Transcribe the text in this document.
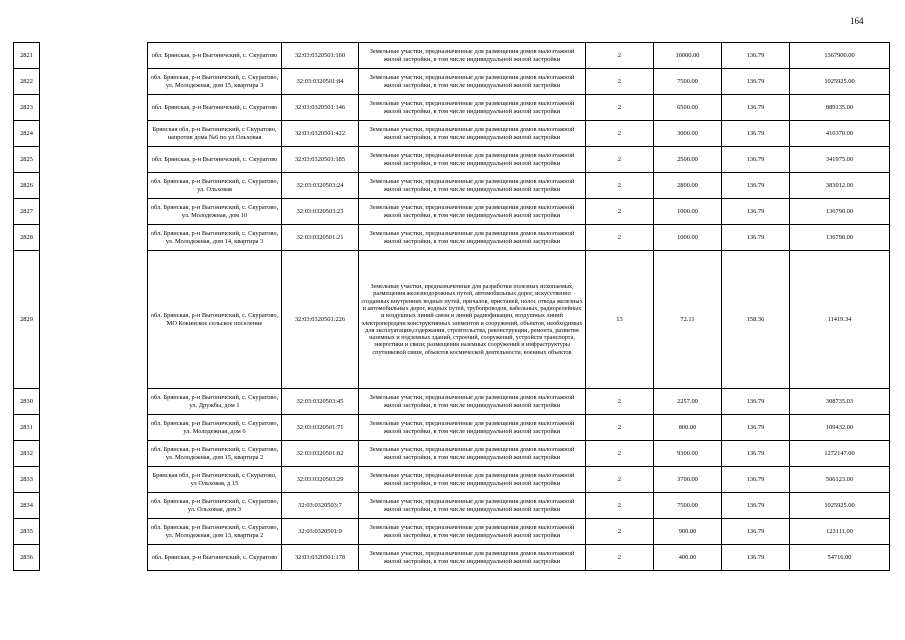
164
2821		обл. Брянская, р-н Выгоничский, с. Скуратово	32:03:0320501:160	Земельные участки, предназначенные для размещения домов малоэтажной жилой застройки, в том числе индивидуальной жилой застройки	2	10000.00	136.79	1367900.00
2822		обл. Брянская, р-н Выгоничский, с. Скуратово, ул. Молодежная, дом 15, квартира 3	32:03:0320501:84	Земельные участки, предназначенные для размещения домов малоэтажной жилой застройки, в том числе индивидуальной жилой застройки	2	7500.00	136.79	1025925.00
2823		обл. Брянская, р-н Выгоничский, с. Скуратово	32:03:0320501:146	Земельные участки, предназначенные для размещения домов малоэтажной жилой застройки, в том числе индивидуальной жилой застройки	2	6500.00	136.79	889135.00
2824		Брянская обл, р-н Выгоничский, с Скуратово, напротив дома №6 по ул Ольховая	32:03:0320501:422	Земельные участки, предназначенные для размещения домов малоэтажной жилой застройки, в том числе индивидуальной жилой застройки	2	3000.00	136.79	410370.00
2825		обл. Брянская, р-н Выгоничский, с. Скуратово	32:03:0320501:185	Земельные участки, предназначенные для размещения домов малоэтажной жилой застройки, в том числе индивидуальной жилой застройки	2	2500.00	136.79	341975.00
2826		обл. Брянская, р-н Выгоничский, с. Скуратово, ул. Ольховая	32:03:0320503:24	Земельные участки, предназначенные для размещения домов малоэтажной жилой застройки, в том числе индивидуальной жилой застройки	2	2800.00	136.79	383012.00
2827		обл. Брянская, р-н Выгоничский, с. Скуратово, ул. Молодежная, дом 10	32:03:0320503:23	Земельные участки, предназначенные для размещения домов малоэтажной жилой застройки, в том числе индивидуальной жилой застройки	2	1000.00	136.79	136790.00
2828		обл. Брянская, р-н Выгоничский, с. Скуратово, ул. Молодежная, дом 14, квартира 3	32:03:0320501:21	Земельные участки, предназначенные для размещения домов малоэтажной жилой застройки, в том числе индивидуальной жилой застройки	2	1000.00	136.79	136790.00
2829		обл. Брянская, р-н Выгоничский, с. Скуратово, МО Кокинское сельское поселение	32:03:0320501:226	Земельные участки, предназначенные для разработки полезных ископаемых, размещения железнодорожных путей, автомобильных дорог, искусственно созданных внутренних водных путей, причалов, пристаней, полос отвода железных и автомобильных дорог, водных путей, трубопроводов, кабельных, радиорелейных и воздушных линий связи и линий радиофикации, воздушных линий электропередачи конструктивных элементов и сооружений, объектов, необходимых для эксплуатации,содержания, строительства, реконструкции, ремонта, развития наземных и подземных зданий, строений, сооружений, устройств транспорта, энергетики и связи; размещения наземных сооружений и инфраструктуры спутниковой связи, объектов космической деятельности, военных объектов	13	72.11	158.36	11419.34
2830		обл. Брянская, р-н Выгоничский, с. Скуратово, ул. Дружбы, дом 1	32:03:0320503:45	Земельные участки, предназначенные для размещения домов малоэтажной жилой застройки, в том числе индивидуальной жилой застройки	2	2257.00	136.79	308735.03
2831		обл. Брянская, р-н Выгоничский, с. Скуратово, ул. Молодежная, дом 6	32:03:0320501:71	Земельные участки, предназначенные для размещения домов малоэтажной жилой застройки, в том числе индивидуальной жилой застройки	2	800.00	136.79	109432.00
2832		обл. Брянская, р-н Выгоничский, с. Скуратово, ул. Молодежная, дом 15, квартира 2	32:03:0320501:82	Земельные участки, предназначенные для размещения домов малоэтажной жилой застройки, в том числе индивидуальной жилой застройки	2	9300.00	136.79	1272147.00
2833		Брянская обл, р-н Выгоничский, с Скуратово, ул Ольховая, д 15	32:03:0320503:29	Земельные участки, предназначенные для размещения домов малоэтажной жилой застройки, в том числе индивидуальной жилой застройки	2	3700.00	136.79	506123.00
2834		обл. Брянская, р-н Выгоничский, с. Скуратово, ул. Ольховая, дом 3	32:03:0320503:7	Земельные участки, предназначенные для размещения домов малоэтажной жилой застройки, в том числе индивидуальной жилой застройки	2	7500.00	136.79	1025925.00
2835		обл. Брянская, р-н Выгоничский, с. Скуратово, ул. Молодежная, дом 13, квартира 2	32:03:0320501:9	Земельные участки, предназначенные для размещения домов малоэтажной жилой застройки, в том числе индивидуальной жилой застройки	2	900.00	136.79	123111.00
2836		обл. Брянская, р-н Выгоничский, с. Скуратово	32:03:0320501:178	Земельные участки, предназначенные для размещения домов малоэтажной жилой застройки, в том числе индивидуальной жилой застройки	2	400.00	136.79	54716.00
